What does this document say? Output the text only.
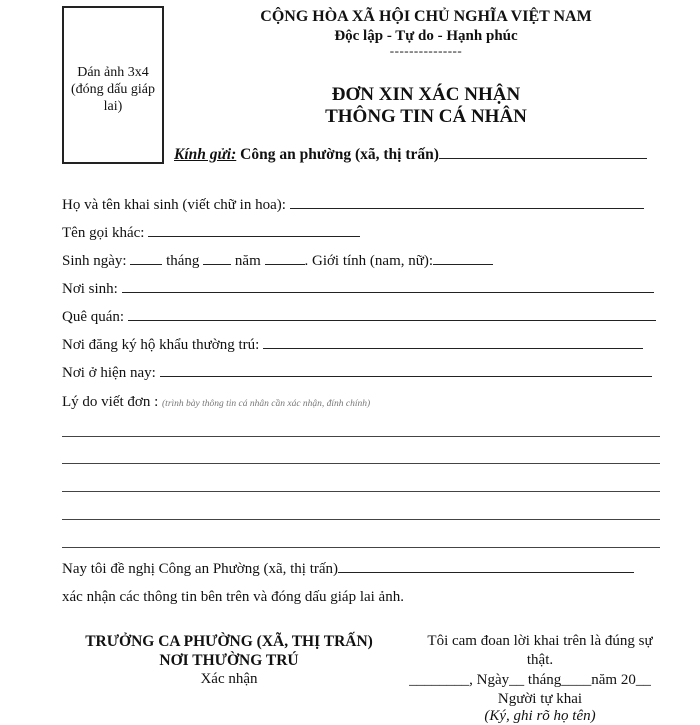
Dán ảnh 3x4
(đóng dấu giáp
lai)
CỘNG HÒA XÃ HỘI CHỦ NGHĨA VIỆT NAM
Độc lập - Tự do - Hạnh phúc
---------------
ĐƠN XIN XÁC NHẬN
THÔNG TIN CÁ NHÂN
Kính gửi: Công an phường (xã, thị trấn)
Họ và tên khai sinh (viết chữ in hoa):
Tên gọi khác:
Sinh ngày:	tháng năm	. Giới tính (nam, nữ):
Nơi sinh:
Quê quán:
Nơi đăng ký hộ khẩu thường trú:
Nơi ở hiện nay:
Lý do viết đơn : (trình bày thông tin cá nhân cần xác nhận, đính chính)
Nay tôi đề nghị Công an Phường (xã, thị trấn)
xác nhận các thông tin bên trên và đóng dấu giáp lai ảnh.
TRƯỞNG CA PHƯỜNG (XÃ, THỊ TRẤN)
NƠI THƯỜNG TRÚ
Xác nhận
Tôi cam đoan lời khai trên là đúng sự
thật.
________, Ngày__ tháng____năm 20__
Người tự khai
(Ký, ghi rõ họ tên)
